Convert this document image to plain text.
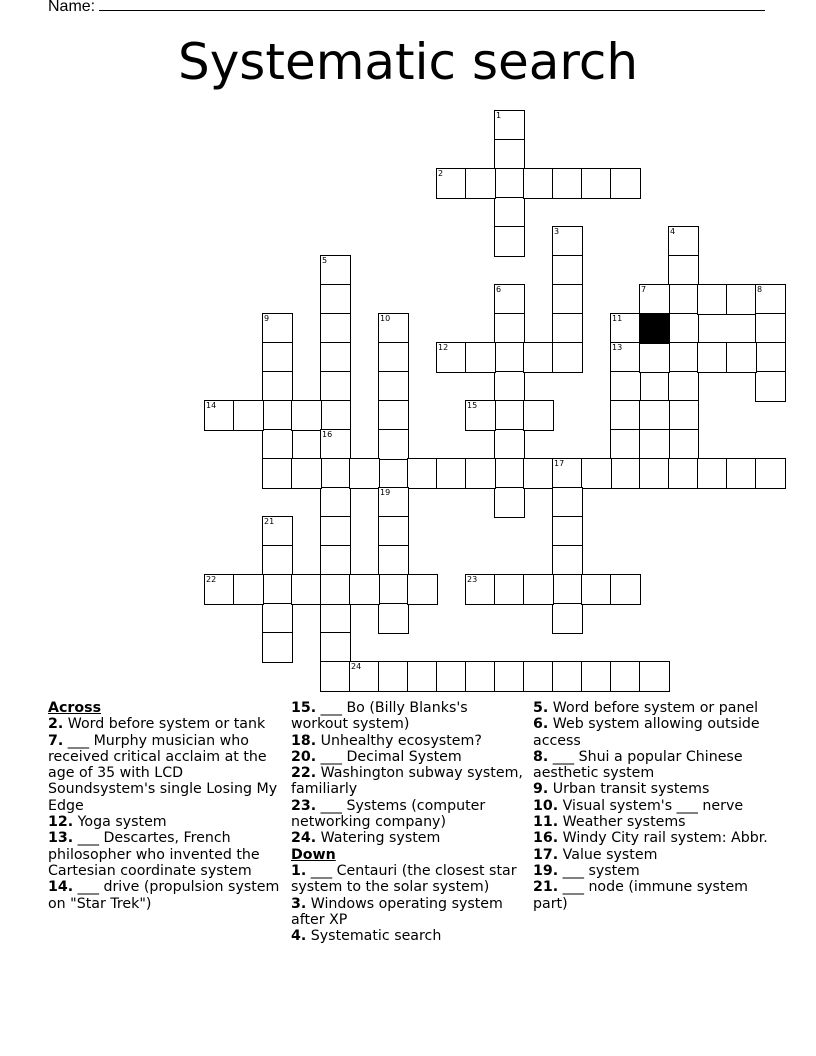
Name:
Systematic search
1
2
3	4
5
6	7	8
9	10	11
13
12
14	15
16
17
21
19
22	23
24
Across
2. Word before system or tank
7. ___ Murphy musician who received critical acclaim at the age of 35 with LCD Soundsystem's single Losing My Edge
12. Yoga system
13. ___ Descartes, French philosopher who invented the Cartesian coordinate system
14. ___ drive (propulsion system on "Star Trek")
15. ___ Bo (Billy Blanks's workout system)
18. Unhealthy ecosystem?
20. ___ Decimal System
22. Washington subway system, familiarly
23. ___ Systems (computer networking company)
24. Watering system
Down
1. ___ Centauri (the closest star system to the solar system)
3. Windows operating system after XP
4. Systematic search
5. Word before system or panel
6. Web system allowing outside access
8. ___ Shui a popular Chinese aesthetic system
9. Urban transit systems
10. Visual system's ___ nerve
11. Weather systems
16. Windy City rail system: Abbr.
17. Value system
19. ___ system
21. ___ node (immune system part)
